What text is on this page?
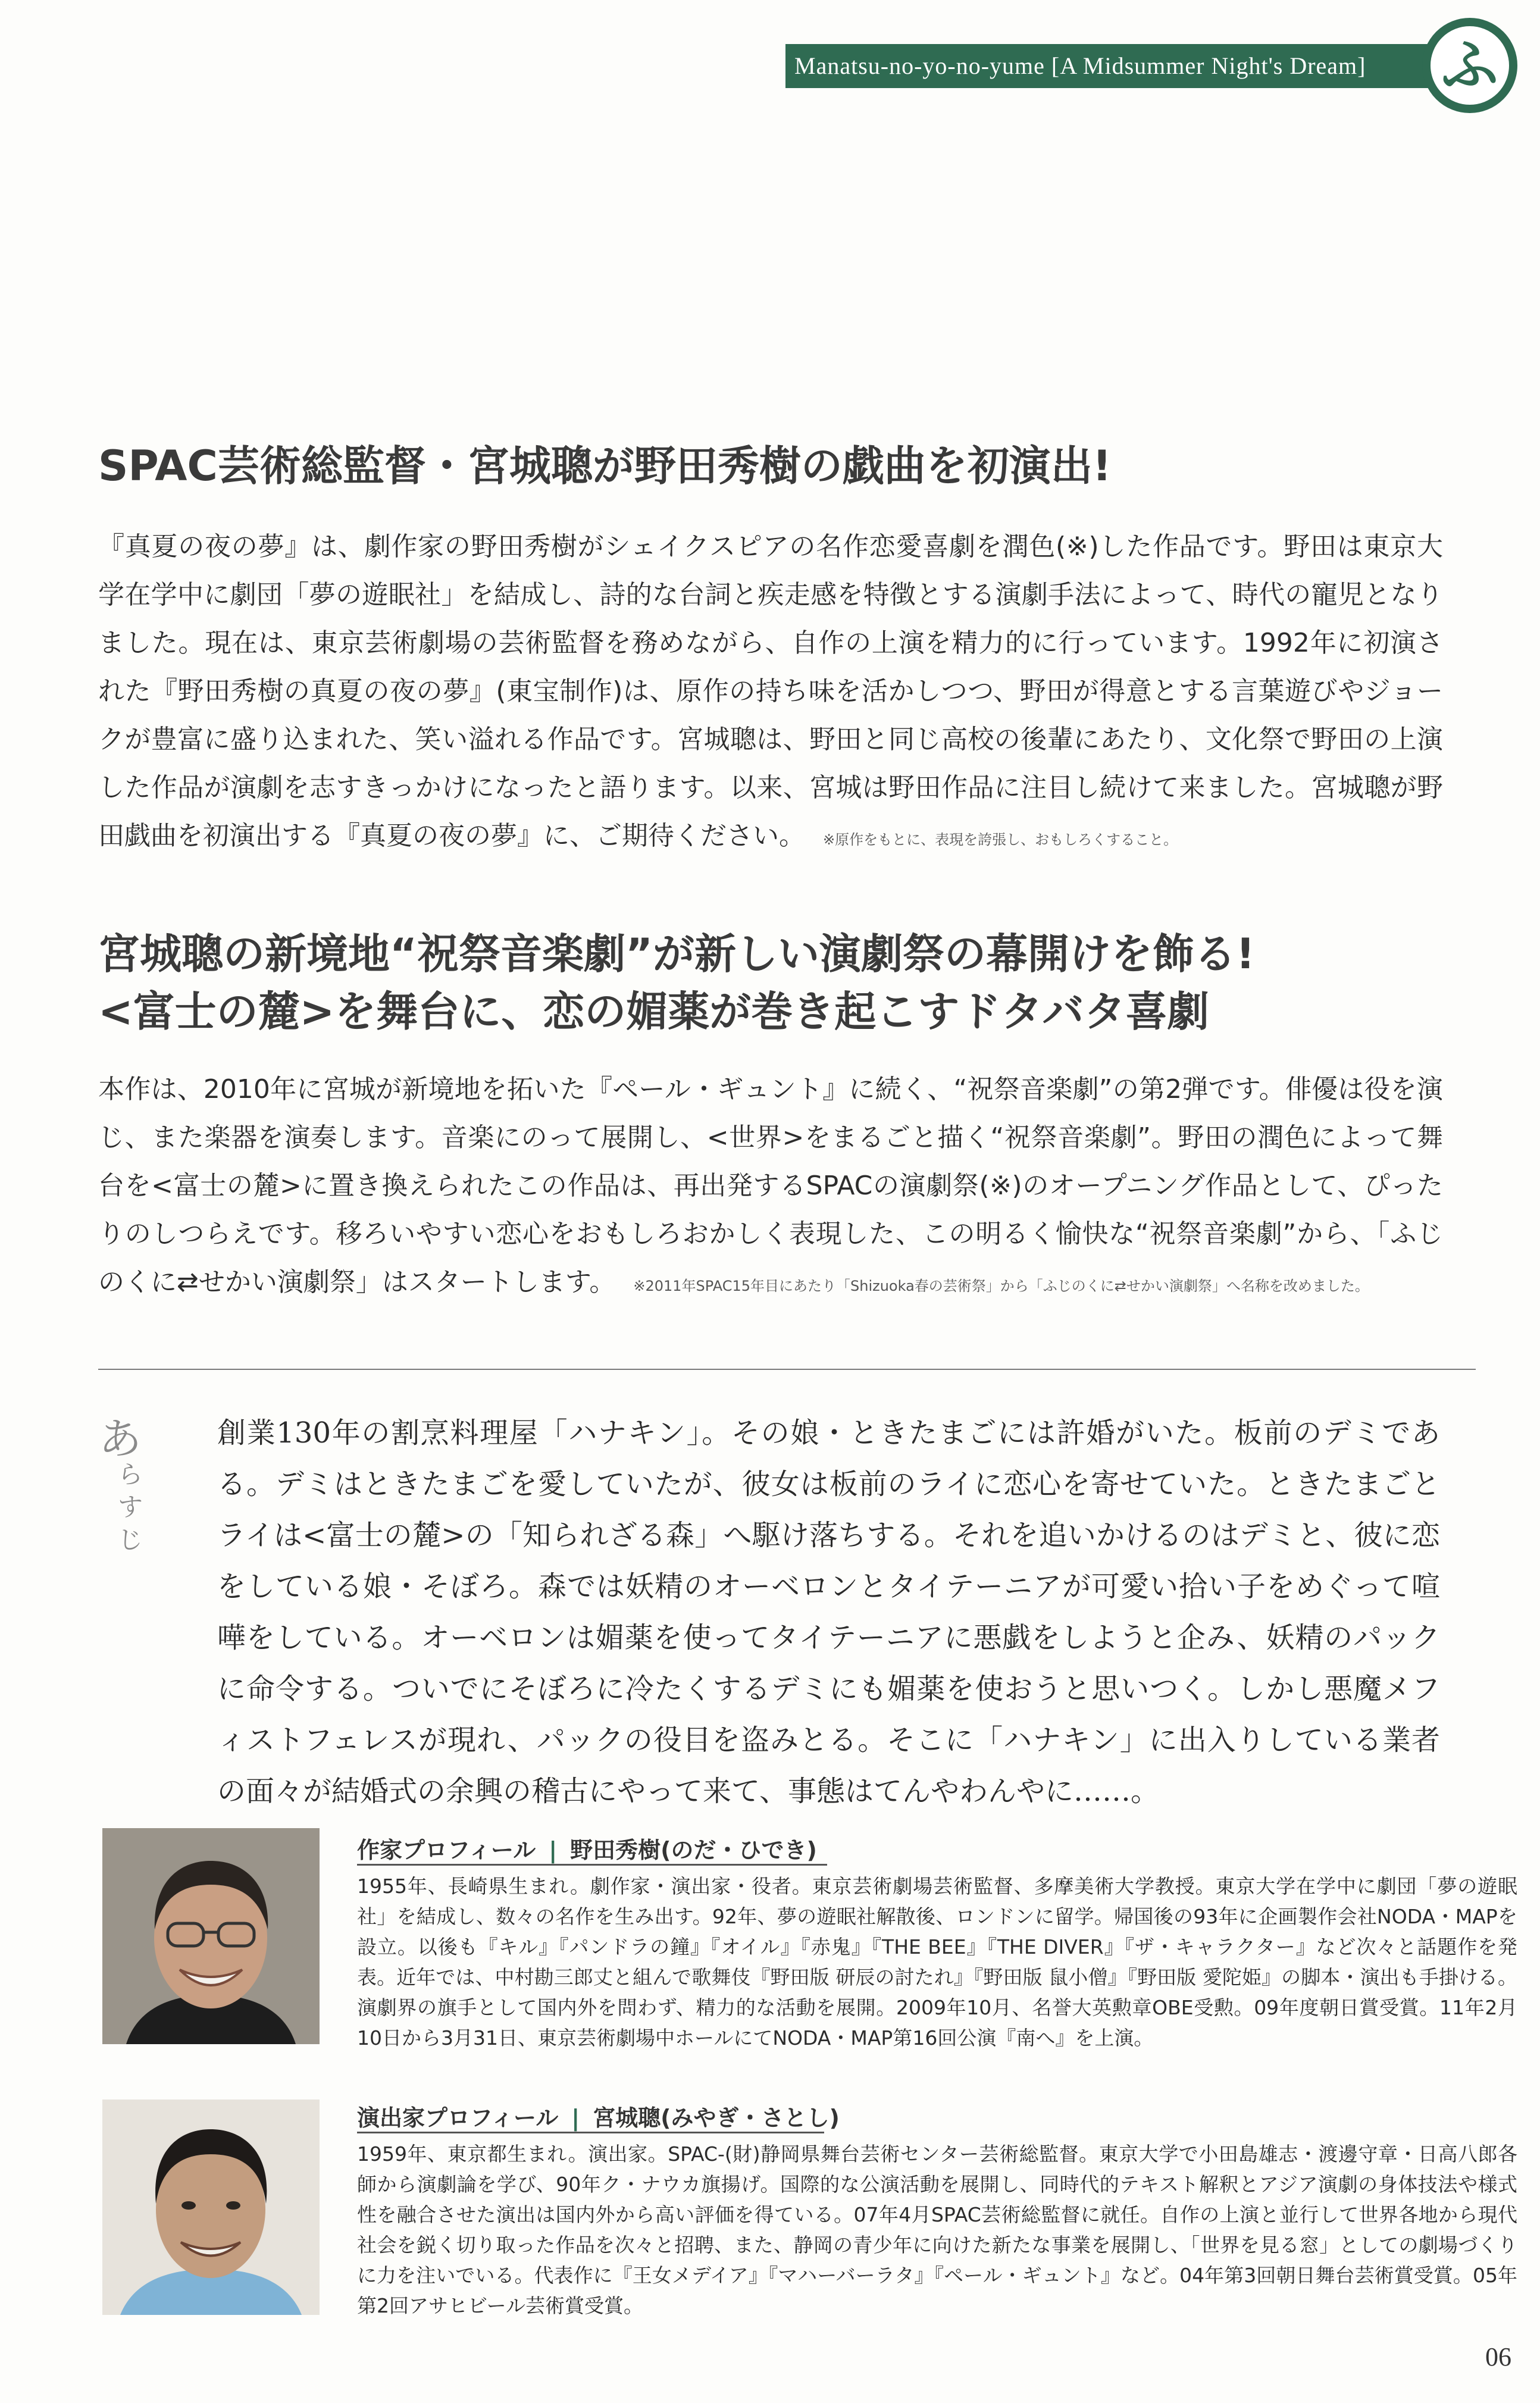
Manatsu-no-yo-no-yume [A Midsummer Night's Dream]	ふ
SPAC芸術総監督・宮城聰が野田秀樹の戯曲を初演出!
『真夏の夜の夢』は、劇作家の野田秀樹がシェイクスピアの名作恋愛喜劇を潤色(※)した作品です。野田は東京大学在学中に劇団「夢の遊眠社」を結成し、詩的な台詞と疾走感を特徴とする演劇手法によって、時代の寵児となりました。現在は、東京芸術劇場の芸術監督を務めながら、自作の上演を精力的に行っています。1992年に初演された『野田秀樹の真夏の夜の夢』(東宝制作)は、原作の持ち味を活かしつつ、野田が得意とする言葉遊びやジョークが豊富に盛り込まれた、笑い溢れる作品です。宮城聰は、野田と同じ高校の後輩にあたり、文化祭で野田の上演した作品が演劇を志すきっかけになったと語ります。以来、宮城は野田作品に注目し続けて来ました。宮城聰が野田戯曲を初演出する『真夏の夜の夢』に、ご期待ください。 ※原作をもとに、表現を誇張し、おもしろくすること。
宮城聰の新境地“祝祭音楽劇”が新しい演劇祭の幕開けを飾る!
<富士の麓>を舞台に、恋の媚薬が巻き起こすドタバタ喜劇
本作は、2010年に宮城が新境地を拓いた『ペール・ギュント』に続く、“祝祭音楽劇”の第2弾です。俳優は役を演じ、また楽器を演奏します。音楽にのって展開し、<世界>をまるごと描く“祝祭音楽劇”。野田の潤色によって舞台を<富士の麓>に置き換えられたこの作品は、再出発するSPACの演劇祭(※)のオープニング作品として、ぴったりのしつらえです。移ろいやすい恋心をおもしろおかしく表現した、この明るく愉快な“祝祭音楽劇”から、「ふじのくに⇄せかい演劇祭」はスタートします。 ※2011年SPAC15年目にあたり「Shizuoka春の芸術祭」から「ふじのくに⇄せかい演劇祭」へ名称を改めました。
あ
ら
す
じ
創業130年の割烹料理屋「ハナキン」。その娘・ときたまごには許婚がいた。板前のデミである。デミはときたまごを愛していたが、彼女は板前のライに恋心を寄せていた。ときたまごとライは<富士の麓>の「知られざる森」へ駆け落ちする。それを追いかけるのはデミと、彼に恋をしている娘・そぼろ。森では妖精のオーベロンとタイテーニアが可愛い拾い子をめぐって喧嘩をしている。オーベロンは媚薬を使ってタイテーニアに悪戯をしようと企み、妖精のパックに命令する。ついでにそぼろに冷たくするデミにも媚薬を使おうと思いつく。しかし悪魔メフィストフェレスが現れ、パックの役目を盗みとる。そこに「ハナキン」に出入りしている業者の面々が結婚式の余興の稽古にやって来て、事態はてんやわんやに……。
作家プロフィール | 野田秀樹(のだ・ひでき)
1955年、長崎県生まれ。劇作家・演出家・役者。東京芸術劇場芸術監督、多摩美術大学教授。東京大学在学中に劇団「夢の遊眠社」を結成し、数々の名作を生み出す。92年、夢の遊眠社解散後、ロンドンに留学。帰国後の93年に企画製作会社NODA・MAPを設立。以後も『キル』『パンドラの鐘』『オイル』『赤鬼』『THE BEE』『THE DIVER』『ザ・キャラクター』など次々と話題作を発表。近年では、中村勘三郎丈と組んで歌舞伎『野田版 研辰の討たれ』『野田版 鼠小僧』『野田版 愛陀姫』の脚本・演出も手掛ける。演劇界の旗手として国内外を問わず、精力的な活動を展開。2009年10月、名誉大英勲章OBE受勲。09年度朝日賞受賞。11年2月10日から3月31日、東京芸術劇場中ホールにてNODA・MAP第16回公演『南へ』を上演。
演出家プロフィール | 宮城聰(みやぎ・さとし)
1959年、東京都生まれ。演出家。SPAC-(財)静岡県舞台芸術センター芸術総監督。東京大学で小田島雄志・渡邊守章・日高八郎各師から演劇論を学び、90年ク・ナウカ旗揚げ。国際的な公演活動を展開し、同時代的テキスト解釈とアジア演劇の身体技法や様式性を融合させた演出は国内外から高い評価を得ている。07年4月SPAC芸術総監督に就任。自作の上演と並行して世界各地から現代社会を鋭く切り取った作品を次々と招聘、また、静岡の青少年に向けた新たな事業を展開し、「世界を見る窓」としての劇場づくりに力を注いでいる。代表作に『王女メデイア』『マハーバーラタ』『ペール・ギュント』など。04年第3回朝日舞台芸術賞受賞。05年第2回アサヒビール芸術賞受賞。
06
